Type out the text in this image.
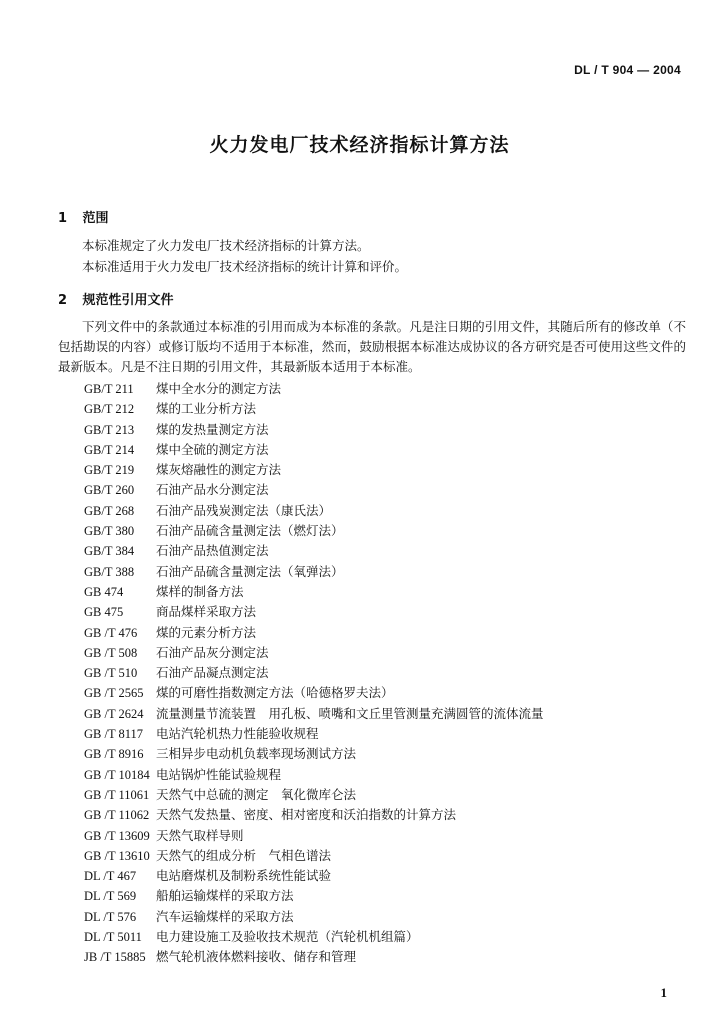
DL / T 904 — 2004
火力发电厂技术经济指标计算方法
1 范围
本标准规定了火力发电厂技术经济指标的计算方法。
本标准适用于火力发电厂技术经济指标的统计计算和评价。
2 规范性引用文件
下列文件中的条款通过本标准的引用而成为本标准的条款。凡是注日期的引用文件，其随后所有的修改单（不包括勘误的内容）或修订版均不适用于本标准，然而，鼓励根据本标准达成协议的各方研究是否可使用这些文件的最新版本。凡是不注日期的引用文件，其最新版本适用于本标准。
GB/T 211 煤中全水分的测定方法
GB/T 212 煤的工业分析方法
GB/T 213 煤的发热量测定方法
GB/T 214 煤中全硫的测定方法
GB/T 219 煤灰熔融性的测定方法
GB/T 260 石油产品水分测定法
GB/T 268 石油产品残炭测定法（康氏法）
GB/T 380 石油产品硫含量测定法（燃灯法）
GB/T 384 石油产品热值测定法
GB/T 388 石油产品硫含量测定法（氧弹法）
GB 474	煤样的制备方法
GB 475	商品煤样采取方法
GB /T 476 煤的元素分析方法
GB /T 508 石油产品灰分测定法
GB /T 510 石油产品凝点测定法
GB /T 2565 煤的可磨性指数测定方法（哈德格罗夫法）
GB /T 2624 流量测量节流装置　用孔板、喷嘴和文丘里管测量充满圆管的流体流量
GB /T 8117 电站汽轮机热力性能验收规程
GB /T 8916 三相异步电动机负载率现场测试方法
GB /T 10184 电站锅炉性能试验规程
GB /T 11061 天然气中总硫的测定　氧化微库仑法
GB /T 11062 天然气发热量、密度、相对密度和沃泊指数的计算方法
GB /T 13609 天然气取样导则
GB /T 13610 天然气的组成分析　气相色谱法
DL /T 467 电站磨煤机及制粉系统性能试验
DL /T 569 船舶运输煤样的采取方法
DL /T 576 汽车运输煤样的采取方法
DL /T 5011 电力建设施工及验收技术规范（汽轮机机组篇）
JB /T 15885 燃气轮机液体燃料接收、储存和管理
1
